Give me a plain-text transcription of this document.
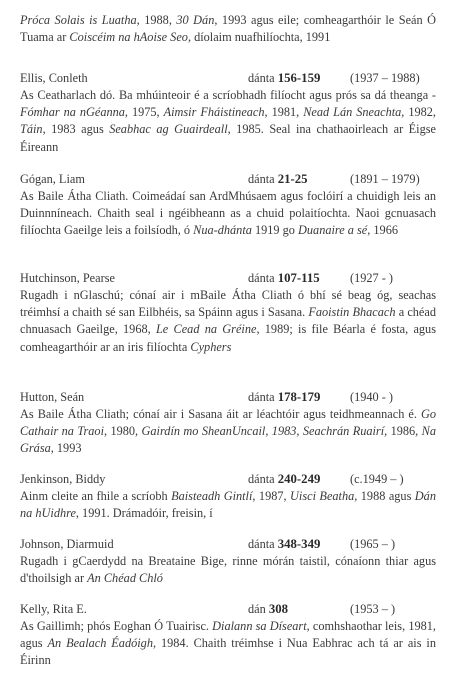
Próca Solais is Luatha, 1988, 30 Dán, 1993 agus eile; comheagarthóir le Seán Ó Tuama ar Coiscéim na hAoise Seo, díolaim nuafhilíochta, 1991
Ellis, Conleth	dánta 156-159 (1937 – 1988)
As Ceatharlach dó. Ba mhúinteoir é a scríobhadh filíocht agus prós sa dá theanga - Fómhar na nGéanna, 1975, Aimsir Fháistineach, 1981, Nead Lán Sneachta, 1982, Táin, 1983 agus Seabhac ag Guairdeall, 1985. Seal ina chathaoirleach ar Éigse Éireann
Gógan, Liam	dánta 21-25	(1891 – 1979)
As Baile Átha Cliath. Coimeádaí san ArdMhúsaem agus foclóirí a chuidigh leis an Duinnníneach. Chaith seal i ngéibheann as a chuid polaitíochta. Naoi gcnuasach filíochta Gaeilge leis a foilsíodh, ó Nua-dhánta 1919 go Duanaire a sé, 1966
Hutchinson, Pearse	dánta 107-115 (1927 - )
Rugadh i nGlaschú; cónaí air i mBaile Átha Cliath ó bhí sé beag óg, seachas tréimhsí a chaith sé san Eilbhéis, sa Spáinn agus i Sasana. Faoistin Bhacach a chéad chnuasach Gaeilge, 1968, Le Cead na Gréine, 1989; is file Béarla é fosta, agus comheagarthóir ar an iris filíochta Cyphers
Hutton, Seán	dánta 178-179 (1940 - )
As Baile Átha Cliath; cónaí air i Sasana áit ar léachtóir agus teidhmeannach é. Go Cathair na Traoi, 1980, Gairdín mo SheanUncail, 1983, Seachrán Ruairí, 1986, Na Grása, 1993
Jenkinson, Biddy	dánta 240-249 (c.1949 – )
Ainm cleite an fhile a scríobh Baisteadh Gintlí, 1987, Uisci Beatha, 1988 agus Dán na hUidhre, 1991. Drámadóir, freisin, í
Johnson, Diarmuid	dánta 348-349 (1965 – )
Rugadh i gCaerdydd na Breataine Bige, rinne mórán taistil, cónaíonn thiar agus d'thoilsigh ar An Chéad Chló
Kelly, Rita E.	dán 308	(1953 – )
As Gaillimh; phós Eoghan Ó Tuairisc. Dialann sa Díseart, comhshaothar leis, 1981, agus An Bealach Éadóigh, 1984. Chaith tréimhse i Nua Eabhrac ach tá ar ais in Éirinn
